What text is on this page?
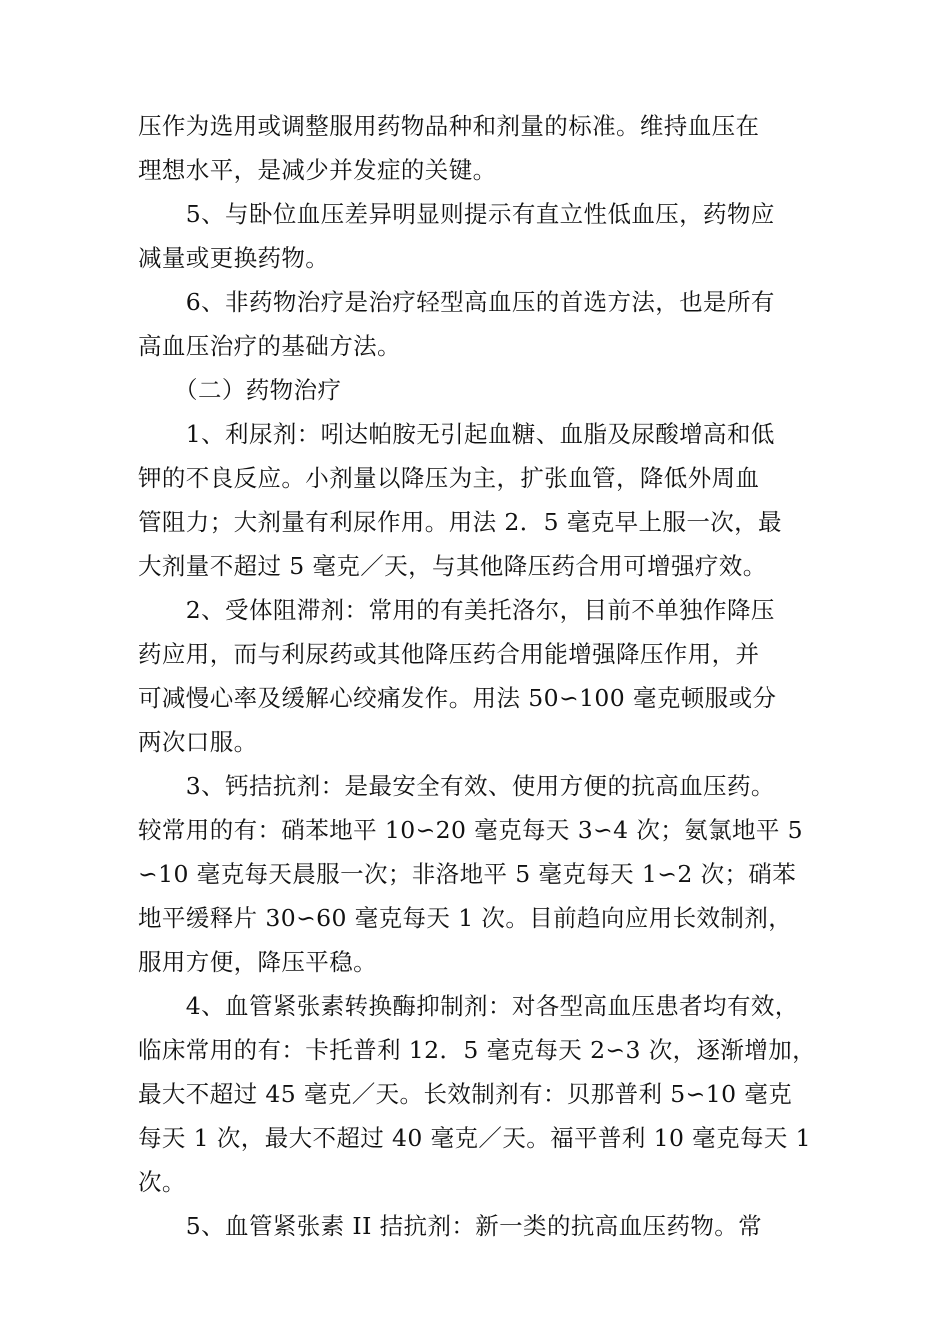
压作为选用或调整服用药物品种和剂量的标准。维持血压在
理想水平，是减少并发症的关键。
　　5、与卧位血压差异明显则提示有直立性低血压，药物应
减量或更换药物。
　　6、非药物治疗是治疗轻型高血压的首选方法，也是所有
高血压治疗的基础方法。
　　（二）药物治疗
　　1、利尿剂：吲达帕胺无引起血糖、血脂及尿酸增高和低
钾的不良反应。小剂量以降压为主，扩张血管，降低外周血
管阻力；大剂量有利尿作用。用法 2．5 毫克早上服一次，最
大剂量不超过 5 毫克／天，与其他降压药合用可增强疗效。
　　2、受体阻滞剂：常用的有美托洛尔，目前不单独作降压
药应用，而与利尿药或其他降压药合用能增强降压作用，并
可减慢心率及缓解心绞痛发作。用法 50∽100 毫克顿服或分
两次口服。
　　3、钙拮抗剂：是最安全有效、使用方便的抗高血压药。
较常用的有：硝苯地平 10∽20 毫克每天 3∽4 次；氨氯地平 5
∽10 毫克每天晨服一次；非洛地平 5 毫克每天 1∽2 次；硝苯
地平缓释片 30∽60 毫克每天 1 次。目前趋向应用长效制剂，
服用方便，降压平稳。
　　4、血管紧张素转换酶抑制剂：对各型高血压患者均有效，
临床常用的有：卡托普利 12．5 毫克每天 2∽3 次，逐渐增加，
最大不超过 45 毫克／天。长效制剂有：贝那普利 5∽10 毫克
每天 1 次，最大不超过 40 毫克／天。福平普利 10 毫克每天 1
次。
　　5、血管紧张素 II 拮抗剂：新一类的抗高血压药物。常
